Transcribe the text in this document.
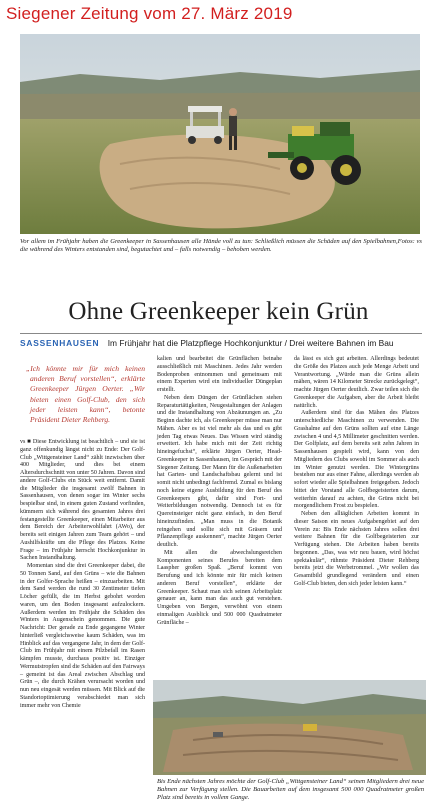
Siegener Zeitung vom 27. März 2019
Fotos: vs
Vor allem im Frühjahr haben die Greenkeeper in Sassenhausen alle Hände voll zu tun: Schließlich müssen die Schäden auf den Spielbahnen, die während des Winters entstanden sind, begutachtet und – falls notwendig – behoben werden.
Ohne Greenkeeper kein Grün
SASSENHAUSEN Im Frühjahr hat die Platzpflege Hochkonjunktur / Drei weitere Bahnen im Bau
„Ich könnte mir für mich keinen anderen Beruf vorstellen“, erklärte Greenkeeper Jürgen Oerter. „Wir bieten einen Golf-Club, den sich jeder leisten kann“, betonte Präsident Dieter Rehberg.

vs ■ Diese Entwicklung ist beachtlich – und sie ist ganz offenkundig längst nicht zu Ende: Der Golf-Club „Wittgensteiner Land“ zählt inzwischen über 400 Mitglieder, und dies bei einem Altersdurchschnitt von unter 50 Jahren. Davon sind andere Golf-Clubs ein Stück weit entfernt. Damit die Mitglieder die insgesamt zwölf Bahnen in Sassenhausen, von denen sogar im Winter sechs bespielbar sind, in einem guten Zustand vorfinden, kümmern sich während des gesamten Jahres drei festangestellte Greenkeeper, einen Mitarbeiter aus dem Bereich der Arbeiterwohlfahrt (AWo), der bereits seit einigen Jahren zum Team gehört – und Aushilfskräfte um die Pflege des Platzes. Keine Frage – im Frühjahr herrscht Hochkonjunktur in Sachen Instandhaltung.

Momentan sind die drei Greenkeeper dabei, die 50 Tonnen Sand, auf den Grüns – wie die Bahnen in der Golfer-Sprache heißen – einzuarbeiten. Mit dem Sand werden die rund 30 Zentimeter tiefen Löcher gefüllt, die im Herbst gebohrt worden waren, um den Boden insgesamt aufzulockern. Außerdem werden im Frühjahr die Schäden des Winters in Augenschein genommen. Die gute Nachricht: Der gerade zu Ende gegangene Winter hinterließ vergleichsweise kaum Schäden, was im Hinblick auf das vergangene Jahr, in dem der Golf-Club im Frühjahr mit einem Pilzbefall im Rasen kämpfen musste, durchaus positiv ist. Einziger Wermutstropfen sind die Schäden auf den Fairways – gemeint ist das Areal zwischen Abschlag und Grün –, die durch Krähen verursacht worden und nun neu eingesät werden müssen. Mit Blick auf die Standortoptimierung verabschiedet man sich immer mehr von Chemie

kalien und bearbeitet die Grünflächen beinahe ausschließlich mit Maschinen. Jedes Jahr werden Bodenproben entnommen und gemeinsam mit einem Experten wird ein individueller Düngeplan erstellt.

Neben dem Düngen der Grünflächen stehen Reparaturtätigkeiten, Neugestaltungen der Anlagen und die Instandhaltung von Abzäunungen an. „Zu Beginn dachte ich, als Greenkeeper müsse man nur Mähen. Aber es ist viel mehr als das und es gibt jeden Tag etwas Neues. Das Wissen wird ständig erweitert. Ich habe mich mit der Zeit richtig hineingefuchst“, erklärte Jürgen Oerter, Head-Greenkeeper in Sassenhausen, im Gespräch mit der Siegener Zeitung. Der Mann für die Außenarbeiten hat Garten- und Landschaftsbau gelernt und ist somit nicht unbedingt fachfremd. Zumal es bislang noch keine eigene Ausbildung für den Beruf des Greenkeepers gibt, dafür sind Fort- und Weiterbildungen notwendig. Dennoch ist es für Quereinsteiger nicht ganz einfach, in den Beruf hineinzufinden. „Man muss in die Botanik reingehen und sollte sich mit Gräsern und Pflanzenpflege auskennen“, machte Jürgen Oerter deutlich.

Mit allen die abwechslungsreichen Komponenten seines Berufes bereiten dem Laaspher großen Spaß. „Beruf kommt von Berufung und ich könnte mir für mich keinen anderen Beruf vorstellen“, erklärte der Greenkeeper. Schaut man sich seinen Arbeitsplatz genauer an, kann man das auch gut verstehen. Umgeben von Bergen, verwöhnt von einem einmaligen Ausblick und 500 000 Quadratmeter Grünfläche –

da lässt es sich gut arbeiten. Allerdings bedeutet die Größe des Platzes auch jede Menge Arbeit und Verantwortung. „Würde man die Grüns allein mähen, wären 14 Kilometer Strecke zurückgelegt“, machte Jürgen Oerter deutlich. Zwar teilen sich die Greenkeeper die Aufgaben, aber die Arbeit bleibt natürlich.

Außerdem sind für das Mähen des Platzes unterschiedliche Maschinen zu verwenden. Die Grashalme auf den Grüns sollten auf eine Länge zwischen 4 und 4,5 Millimeter geschnitten werden. Der Golfplatz, auf dem bereits seit zehn Jahren in Sassenhausen gespielt wird, kann von den Mitgliedern des Clubs sowohl im Sommer als auch im Winter genutzt werden. Die Wintergrüns bestehen nur aus einer Fahne, allerdings werden ab sofort wieder alle Spielbahnen freigegeben. Jedoch bittet der Vorstand alle Golfbegeisterten darum, weiterhin darauf zu achten, die Grüns nicht bei morgendlichem Frost zu bespielen.

Neben den alltäglichen Arbeiten kommt in dieser Saison ein neues Aufgabengebiet auf den Verein zu: Bis Ende nächsten Jahres sollen drei weitere Bahnen für die Golfbegeisterten zur Verfügung stehen. Die Arbeiten haben bereits begonnen. „Das, was wir neu bauen, wird höchst spektakulär“, rühmte Präsident Dieter Rehberg bereits jetzt die Werbetrommel. „Wir wollen das Gesamtbild grundlegend verändern und einen Golf-Club bieten, den sich jeder leisten kann.“

Bis Ende nächsten Jahres möchte der Golf-Club „Wittgensteiner Land“ seinen Mitgliedern drei neue Bahnen zur Verfügung stellen. Die Bauarbeiten auf dem insgesamt 500 000 Quadratmeter großen Platz sind bereits in vollem Gange.
